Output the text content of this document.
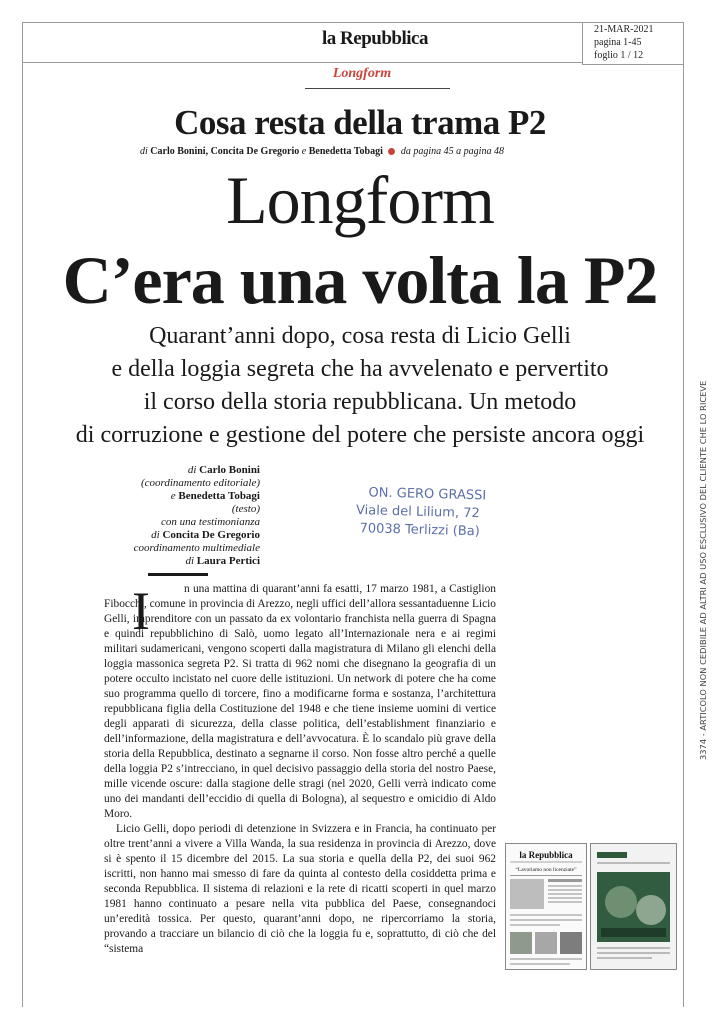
la Repubblica	21-MAR-2021
pagina 1-45
foglio 1 / 12
Longform
Cosa resta della trama P2
di Carlo Bonini, Concita De Gregorio e Benedetta Tobagi da pagina 45 a pagina 48
Longform
C’era una volta la P2
Quarant’anni dopo, cosa resta di Licio Gelli
e della loggia segreta che ha avvelenato e pervertito
il corso della storia repubblicana. Un metodo
di corruzione e gestione del potere che persiste ancora oggi
di Carlo Bonini
(coordinamento editoriale)
e Benedetta Tobagi
(testo)
con una testimonianza
di Concita De Gregorio
coordinamento multimediale
di Laura Pertici
ON. GERO GRASSI
Viale del Lilium, 72
70038 Terlizzi (Ba)
I	n una mattina di quarant’anni fa esatti, 17 marzo 1981, a Castiglion Fibocchi, comune in provincia di Arezzo, negli uffici dell’allora sessantaduenne Licio Gelli, imprenditore con un passato da ex volontario franchista nella guerra di Spagna e quindi repubblichino di Salò, uomo legato all’Internazionale nera e ai regimi militari sudamericani, vengono scoperti dalla magistratura di Milano gli elenchi della loggia massonica segreta P2. Si tratta di 962 nomi che disegnano la geografia di un potere occulto incistato nel cuore delle istituzioni. Un network di potere che ha come suo programma quello di torcere, fino a modificarne forma e sostanza, l’architettura repubblicana figlia della Costituzione del 1948 e che tiene insieme uomini di vertice degli apparati di sicurezza, della classe politica, dell’establishment finanziario e dell’informazione, della magistratura e dell’avvocatura. È lo scandalo più grave della storia della Repubblica, destinato a segnarne il corso. Non fosse altro perché a quelle della loggia P2 s’intrecciano, in quel decisivo passaggio della storia del nostro Paese, mille vicende oscure: dalla stagione delle stragi (nel 2020, Gelli verrà indicato come uno dei mandanti dell’eccidio di quella di Bologna), al sequestro e omicidio di Aldo Moro.

Licio Gelli, dopo periodi di detenzione in Svizzera e in Francia, ha continuato per oltre trent’anni a vivere a Villa Wanda, la sua residenza in provincia di Arezzo, dove si è spento il 15 dicembre del 2015. La sua storia e quella della P2, dei suoi 962 iscritti, non hanno mai smesso di fare da quinta al contesto della cosiddetta prima e seconda Repubblica. Il sistema di relazioni e la rete di ricatti scoperti in quel marzo 1981 hanno continuato a pesare nella vita pubblica del Paese, consegnandoci un’eredità tossica. Per questo, quarant’anni dopo, ne ripercorriamo la storia, provando a tracciare un bilancio di ciò che la loggia fu e, soprattutto, di ciò che del “sistema

la Repubblica
“Lavoriamo non licenziate”
3374 - ARTICOLO NON CEDIBILE AD ALTRI AD USO ESCLUSIVO DEL CLIENTE CHE LO RICEVE
